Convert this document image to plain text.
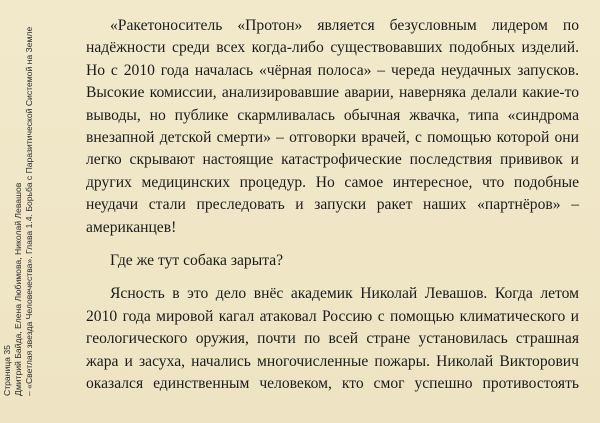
Страница 35 Дмитрий Байда, Елена Любимова, Николай Левашов – «Светлая звезда Человечества». Глава 1.4. Борьба с Паразитической Системой на Земле

«Ракетоноситель «Протон» является безусловным лидером по
надёжности среди всех когда-либо существовавших подобных изделий.
Но с 2010 года началась «чёрная полоса» – череда неудачных запусков.
Высокие комиссии, анализировавшие аварии, наверняка делали какие-то
выводы, но публике скармливалась обычная жвачка, типа «синдрома
внезапной детской смерти» – отговорки врачей, с помощью которой они
легко скрывают настоящие катастрофические последствия прививок и
других медицинских процедур. Но самое интересное, что подобные
неудачи стали преследовать и запуски ракет наших «партнёров» –
американцев!

Где же тут собака зарыта?

Ясность в это дело внёс академик Николай Левашов. Когда летом
2010 года мировой кагал атаковал Россию с помощью климатического и
геологического оружия, почти по всей стране установилась страшная
жара и засуха, начались многочисленные пожары. Николай Викторович
оказался единственным человеком, кто смог успешно противостоять
